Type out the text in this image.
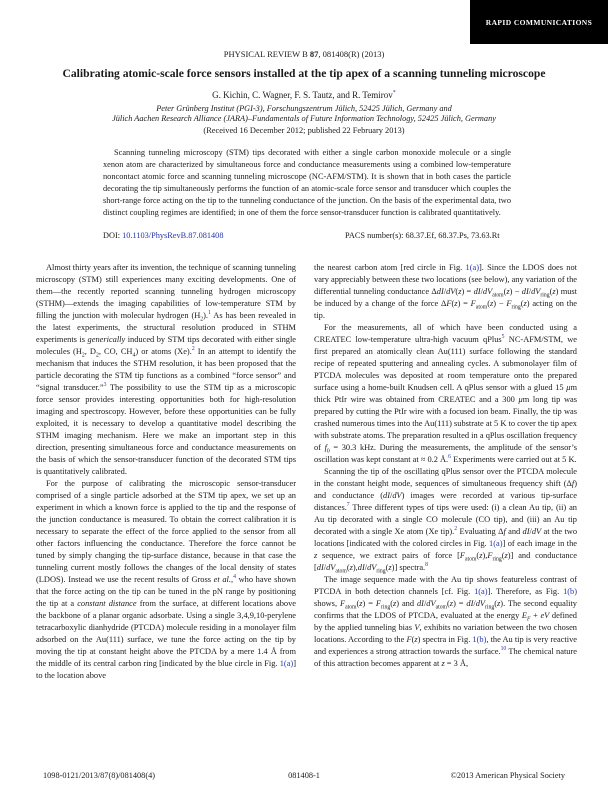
RAPID COMMUNICATIONS
PHYSICAL REVIEW B 87, 081408(R) (2013)
Calibrating atomic-scale force sensors installed at the tip apex of a scanning tunneling microscope
G. Kichin, C. Wagner, F. S. Tautz, and R. Temirov*
Peter Grünberg Institut (PGI-3), Forschungszentrum Jülich, 52425 Jülich, Germany and
Jülich Aachen Research Alliance (JARA)–Fundamentals of Future Information Technology, 52425 Jülich, Germany
(Received 16 December 2012; published 22 February 2013)

Scanning tunneling microscopy (STM) tips decorated with either a single carbon monoxide molecule or a single xenon atom are characterized by simultaneous force and conductance measurements using a combined low-temperature noncontact atomic force and scanning tunneling microscope (NC-AFM/STM). It is shown that in both cases the particle decorating the tip simultaneously performs the function of an atomic-scale force sensor and transducer which couples the short-range force acting on the tip to the tunneling conductance of the junction. On the basis of the experimental data, two distinct coupling regimes are identified; in one of them the force sensor-transducer function is calibrated quantitatively.

DOI: 10.1103/PhysRevB.87.081408	PACS number(s): 68.37.Ef, 68.37.Ps, 73.63.Rt

Almost thirty years after its invention, the technique of scanning tunneling microscopy (STM) still experiences many exciting developments. One of them—the recently reported scanning tunneling hydrogen microscopy (STHM)—extends the imaging capabilities of low-temperature STM by filling the junction with molecular hydrogen $(H_2).^1$ As has been revealed in the latest experiments, the structural resolution produced in STHM experiments is generically induced by STM tips decorated with either single molecules ($H_2$, $D_2$, CO, $CH_4$) or atoms (Xe).$^2$ In an attempt to identify the mechanism that induces the STHM resolution, it has been proposed that the particle decorating the STM tip functions as a combined “force sensor” and “signal transducer.”$^3$ The possibility to use the STM tip as a microscopic force sensor provides interesting opportunities both for high-resolution imaging and spectroscopy. However, before these opportunities can be fully exploited, it is necessary to develop a quantitative model describing the STHM imaging mechanism. Here we make an important step in this direction, presenting simultaneous force and conductance measurements on the basis of which the sensor-transducer function of the decorated STM tips is quantitatively calibrated.

For the purpose of calibrating the microscopic sensor-transducer comprised of a single particle adsorbed at the STM tip apex, we set up an experiment in which a known force is applied to the tip and the response of the junction conductance is measured. To obtain the correct calibration it is necessary to separate the effect of the force applied to the sensor from all other factors influencing the conductance. Therefore the force cannot be tuned by simply changing the tip-surface distance, because in that case the tunneling current mostly follows the changes of the local density of states (LDOS). Instead we use the recent results of Gross et al.,$^4$ who have shown that the force acting on the tip can be tuned in the pN range by positioning the tip at a constant distance from the surface, at different locations above the backbone of a planar organic adsorbate. Using a single 3,4,9,10-perylene tetracarboxylic dianhydride (PTCDA) molecule residing in a monolayer film adsorbed on the Au(111) surface, we tune the force acting on the tip by moving the tip at constant height above the PTCDA by a mere 1.4 Å from the middle of its central carbon ring [indicated by the blue circle in Fig. 1(a)] to the location above

the nearest carbon atom [red circle in Fig. 1(a)]. Since the LDOS does not vary appreciably between these two locations (see below), any variation of the differential tunneling conductance $\Delta dI/dV(z) = dI/dV_{atom}(z) - dI/dV_{ring}(z)$ must be induced by a change of the force $\Delta F(z) = F_{atom}(z) - F_{ring}(z)$ acting on the tip.

For the measurements, all of which have been conducted using a CREATEC low-temperature ultra-high vacuum qPlus$^5$ NC-AFM/STM, we first prepared an atomically clean Au(111) surface following the standard recipe of repeated sputtering and annealing cycles. A submonolayer film of PTCDA molecules was deposited at room temperature onto the prepared surface using a home-built Knudsen cell. A qPlus sensor with a glued 15 μm thick PtIr wire was obtained from CREATEC and a 300 μm long tip was prepared by cutting the PtIr wire with a focused ion beam. Finally, the tip was crashed numerous times into the Au(111) substrate at 5 K to cover the tip apex with substrate atoms. The preparation resulted in a qPlus oscillation frequency of $f_0 = 30.3$ kHz. During the measurements, the amplitude of the sensor’s oscillation was kept constant at ≈ 0.2 Å.$^6$ Experiments were carried out at 5 K.

Scanning the tip of the oscillating qPlus sensor over the PTCDA molecule in the constant height mode, sequences of simultaneous frequency shift (Δf) and conductance (dI/dV) images were recorded at various tip-surface distances.$^7$ Three different types of tips were used: (i) a clean Au tip, (ii) an Au tip decorated with a single CO molecule (CO tip), and (iii) an Au tip decorated with a single Xe atom (Xe tip).$^2$ Evaluating Δf and dI/dV at the two locations [indicated with the colored circles in Fig. 1(a)] of each image in the z sequence, we extract pairs of force $[F_{atom}(z),F_{ring}(z)]$ and conductance $[dI/dV_{atom}(z),dI/dV_{ring}(z)]$ spectra.$^8$

The image sequence made with the Au tip shows featureless contrast of PTCDA in both detection channels [cf. Fig. 1(a)]. Therefore, as Fig. 1(b) shows, $F_{atom}(z) = F_{ring}(z)$ and $dI/dV_{atom}(z) = dI/dV_{ring}(z)$. The second equality confirms that the LDOS of PTCDA, evaluated at the energy $E_F$ + eV defined by the applied tunneling bias V, exhibits no variation between the two chosen locations. According to the F(z) spectra in Fig. 1(b), the Au tip is very reactive and experiences a strong attraction towards the surface.$^{10}$ The chemical nature of this attraction becomes apparent at z = 3 Å,

1098-0121/2013/87(8)/081408(4)	081408-1	©2013 American Physical Society
